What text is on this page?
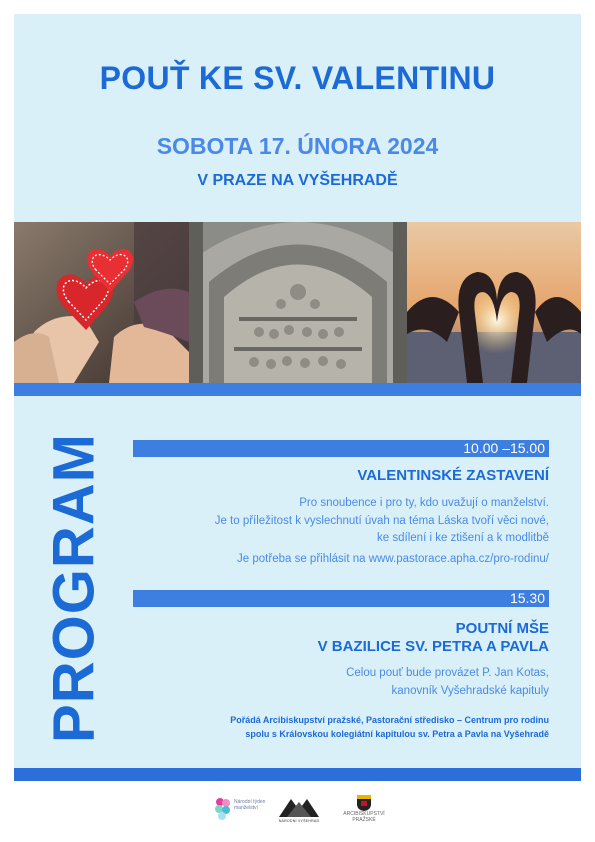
POUŤ KE SV. VALENTINU
SOBOTA 17. ÚNORA 2024
V PRAZE NA VYŠEHRADĚ
PROGRAM	10.00 –15.00
VALENTINSKÉ ZASTAVENÍ
Pro snoubence i pro ty, kdo uvažují o manželství.
Je to příležitost k vyslechnutí úvah na téma Láska tvoří věci nové,
ke sdílení i ke ztišení a k modlitbě
Je potřeba se přihlásit na www.pastorace.apha.cz/pro-rodinu/
15.30
POUTNÍ MŠE
V BAZILICE SV. PETRA A PAVLA
Celou pouť bude provázet P. Jan Kotas,
kanovník Vyšehradské kapituly
Pořádá Arcibiskupství pražské, Pastorační středisko – Centrum pro rodinu
spolu s Královskou kolegiátní kapitulou sv. Petra a Pavla na Vyšehradě
Národní týden manželství
NÁRODNÍ VYŠEHRAD
ARCIBISKUPSTVÍ PRAŽSKÉ
